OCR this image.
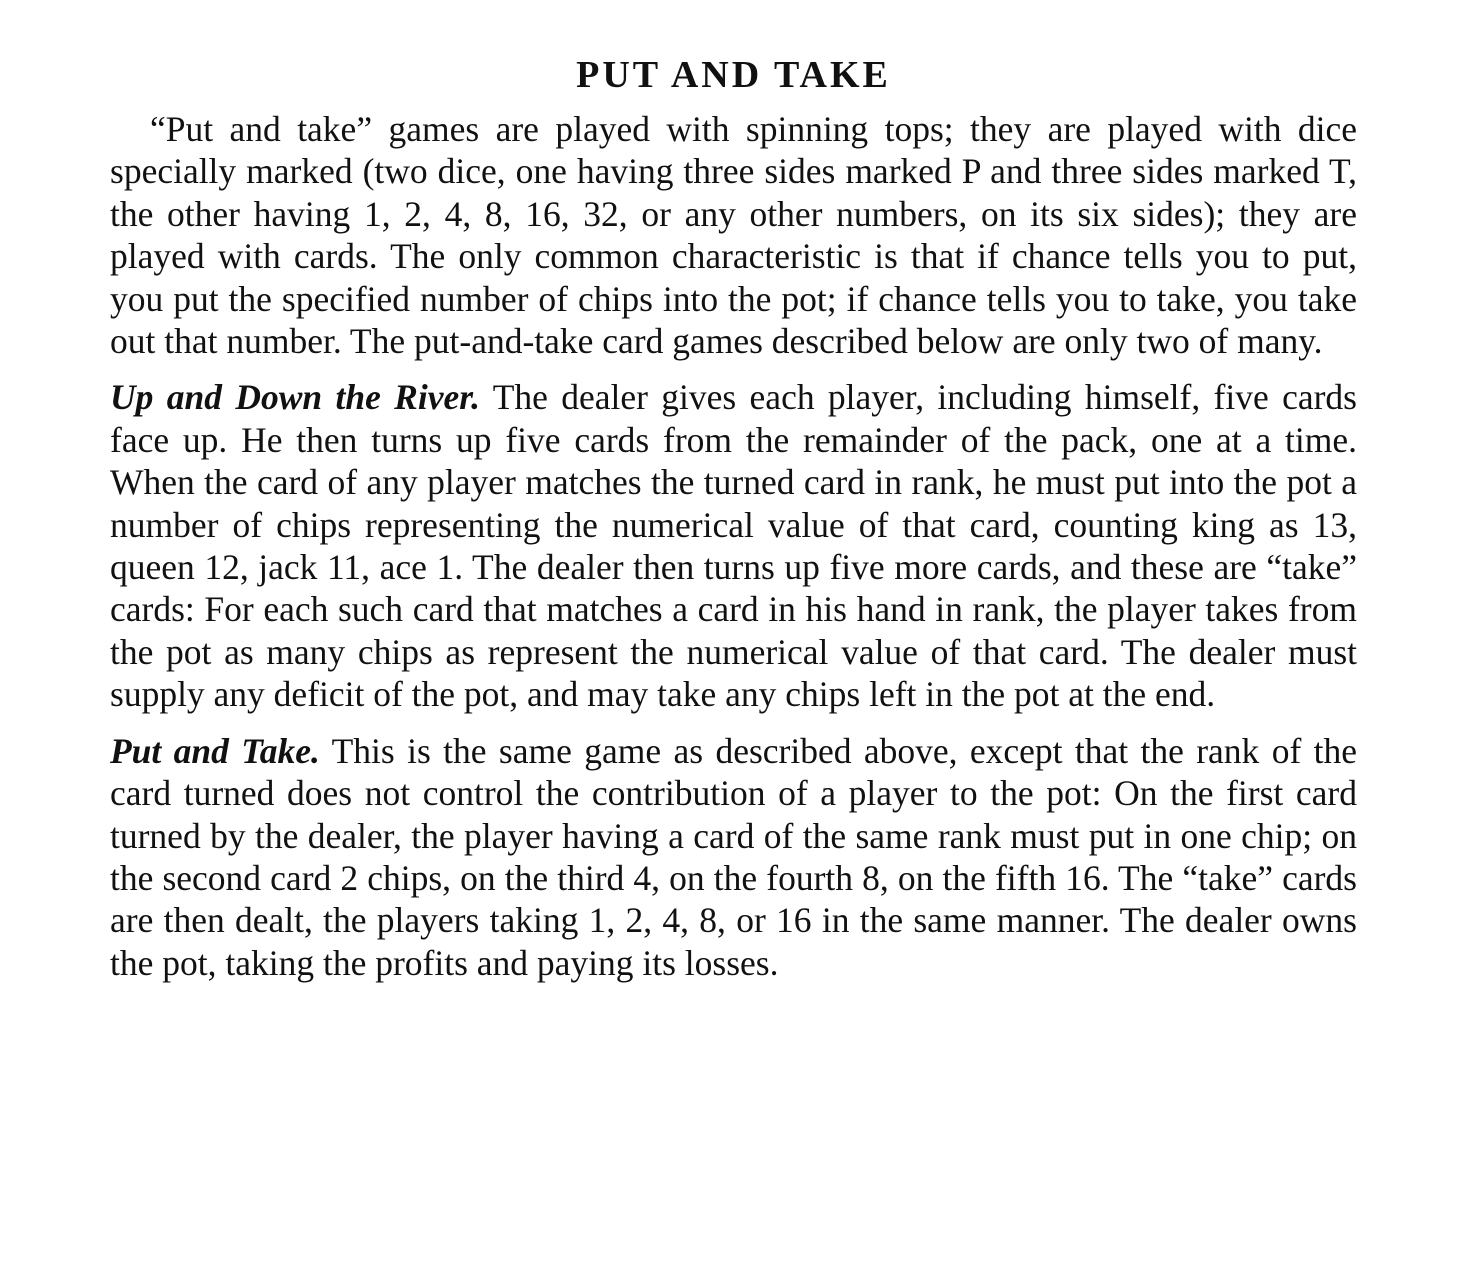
PUT AND TAKE

“Put and take” games are played with spinning tops; they are played with dice specially marked (two dice, one having three sides marked P and three sides marked T, the other having 1, 2, 4, 8, 16, 32, or any other numbers, on its six sides); they are played with cards. The only common characteristic is that if chance tells you to put, you put the specified number of chips into the pot; if chance tells you to take, you take out that number. The put-and-take card games described below are only two of many.

Up and Down the River. The dealer gives each player, including himself, five cards face up. He then turns up five cards from the remainder of the pack, one at a time. When the card of any player matches the turned card in rank, he must put into the pot a number of chips representing the numerical value of that card, counting king as 13, queen 12, jack 11, ace 1. The dealer then turns up five more cards, and these are “take” cards: For each such card that matches a card in his hand in rank, the player takes from the pot as many chips as represent the numerical value of that card. The dealer must supply any deficit of the pot, and may take any chips left in the pot at the end.

Put and Take. This is the same game as described above, except that the rank of the card turned does not control the contribution of a player to the pot: On the first card turned by the dealer, the player having a card of the same rank must put in one chip; on the second card 2 chips, on the third 4, on the fourth 8, on the fifth 16. The “take” cards are then dealt, the players taking 1, 2, 4, 8, or 16 in the same manner. The dealer owns the pot, taking the profits and paying its losses.
